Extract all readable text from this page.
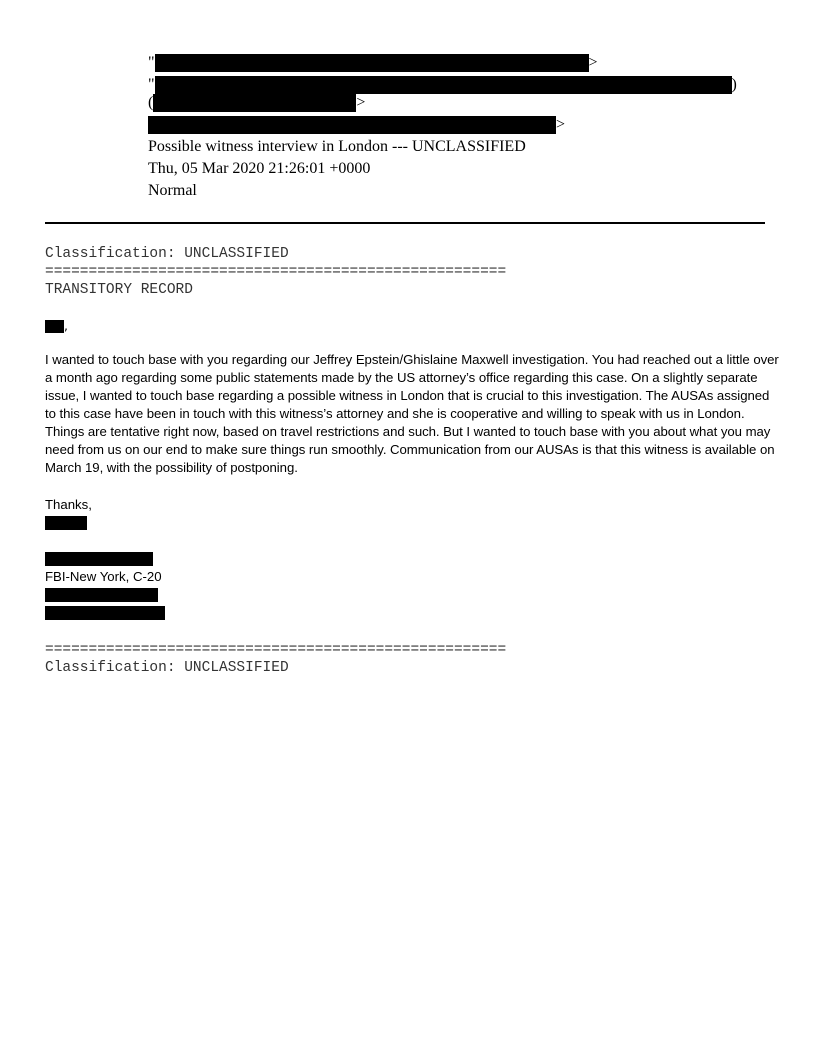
"	>
"	)
(	>
>
Possible witness interview in London --- UNCLASSIFIED
Thu, 05 Mar 2020 21:26:01 +0000
Normal
Classification: UNCLASSIFIED
=====================================================
TRANSITORY RECORD
,
I wanted to touch base with you regarding our Jeffrey Epstein/Ghislaine Maxwell investigation. You had reached out a little over a month ago regarding some public statements made by the US attorney’s office regarding this case. On a slightly separate issue, I wanted to touch base regarding a possible witness in London that is crucial to this investigation. The AUSAs assigned to this case have been in touch with this witness’s attorney and she is cooperative and willing to speak with us in London. Things are tentative right now, based on travel restrictions and such. But I wanted to touch base with you about what you may need from us on our end to make sure things run smoothly. Communication from our AUSAs is that this witness is available on March 19, with the possibility of postponing.
Thanks,
FBI-New York, C-20
=====================================================
Classification: UNCLASSIFIED
